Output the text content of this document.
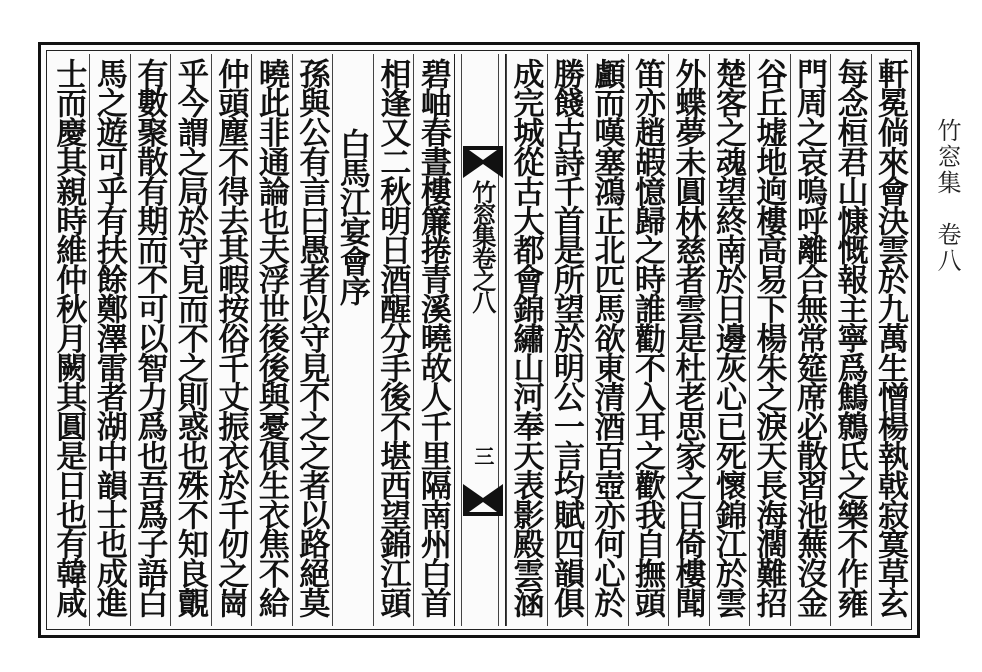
竹窓集　卷八
軒冕倘來會決雲於九萬生憎楊執戟寂寞草玄
每念桓君山慷慨報主寧爲鷦鷯氏之樂不作雍
門周之哀嗚呼離合無常筵席必散習池蕪沒金
谷丘墟地逈樓高易下楊朱之淚天長海濶難招
楚客之魂望終南於日邊灰心已死懷錦江於雲
外蝶夢未圓林慈者雲是杜老思家之日倚樓聞
笛亦趙嘏憶歸之時誰勸不入耳之歡我自撫頭
顱而嘆塞鴻正北匹馬欲東清酒百壺亦何心於
勝餞古詩千首是所望於明公一言均賦四韻俱
成完城從古大都會錦繡山河奉天表影殿雲涵
竹窓集卷之八
三
碧岫春晝樓簾捲青溪曉故人千里隔南州白首
相逢又二秋明日酒醒分手後不堪西望錦江頭
白馬江宴會序
孫與公有言曰愚者以守見不之之者以路絕莫
曉此非通論也夫浮世後後與憂俱生衣焦不給
仲頭塵不得去其暇按俗千丈振衣於千仞之崗
乎今謂之局於守見而不之則惑也殊不知良覿
有數聚散有期而不可以智力爲也吾爲子語白
馬之遊可乎有扶餘鄭澤雷者湖中韻士也成進
士而慶其親時維仲秋月闕其圓是日也有韓咸
